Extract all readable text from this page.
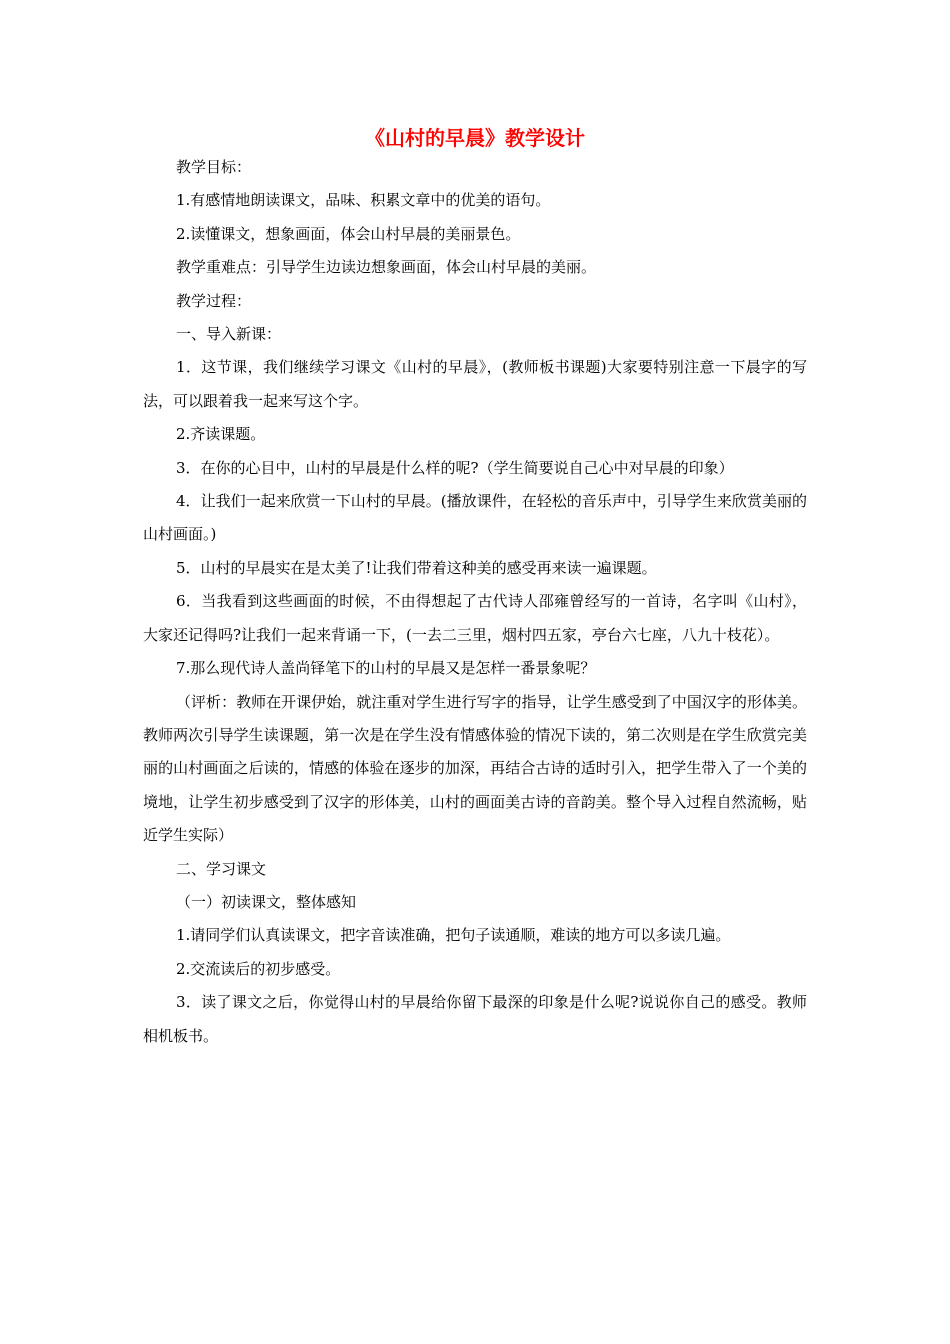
《山村的早晨》教学设计

教学目标：

1.有感情地朗读课文，品味、积累文章中的优美的语句。

2.读懂课文，想象画面，体会山村早晨的美丽景色。

教学重难点：引导学生边读边想象画面，体会山村早晨的美丽。

教学过程：

一、导入新课：

1．这节课，我们继续学习课文《山村的早晨》，(教师板书课题)大家要特别注意一下晨字的写法，可以跟着我一起来写这个字。

2.齐读课题。

3．在你的心目中，山村的早晨是什么样的呢?（学生简要说自己心中对早晨的印象）

4．让我们一起来欣赏一下山村的早晨。(播放课件，在轻松的音乐声中，引导学生来欣赏美丽的山村画面。)

5．山村的早晨实在是太美了!让我们带着这种美的感受再来读一遍课题。

6．当我看到这些画面的时候，不由得想起了古代诗人邵雍曾经写的一首诗，名字叫《山村》，大家还记得吗?让我们一起来背诵一下，(一去二三里，烟村四五家，亭台六七座，八九十枝花）。

7.那么现代诗人盖尚铎笔下的山村的早晨又是怎样一番景象呢？

（评析：教师在开课伊始，就注重对学生进行写字的指导，让学生感受到了中国汉字的形体美。教师两次引导学生读课题，第一次是在学生没有情感体验的情况下读的，第二次则是在学生欣赏完美丽的山村画面之后读的，情感的体验在逐步的加深，再结合古诗的适时引入，把学生带入了一个美的境地，让学生初步感受到了汉字的形体美，山村的画面美古诗的音韵美。整个导入过程自然流畅，贴近学生实际）

二、学习课文

（一）初读课文，整体感知

1.请同学们认真读课文，把字音读准确，把句子读通顺，难读的地方可以多读几遍。

2.交流读后的初步感受。

3．读了课文之后，你觉得山村的早晨给你留下最深的印象是什么呢?说说你自己的感受。教师相机板书。
